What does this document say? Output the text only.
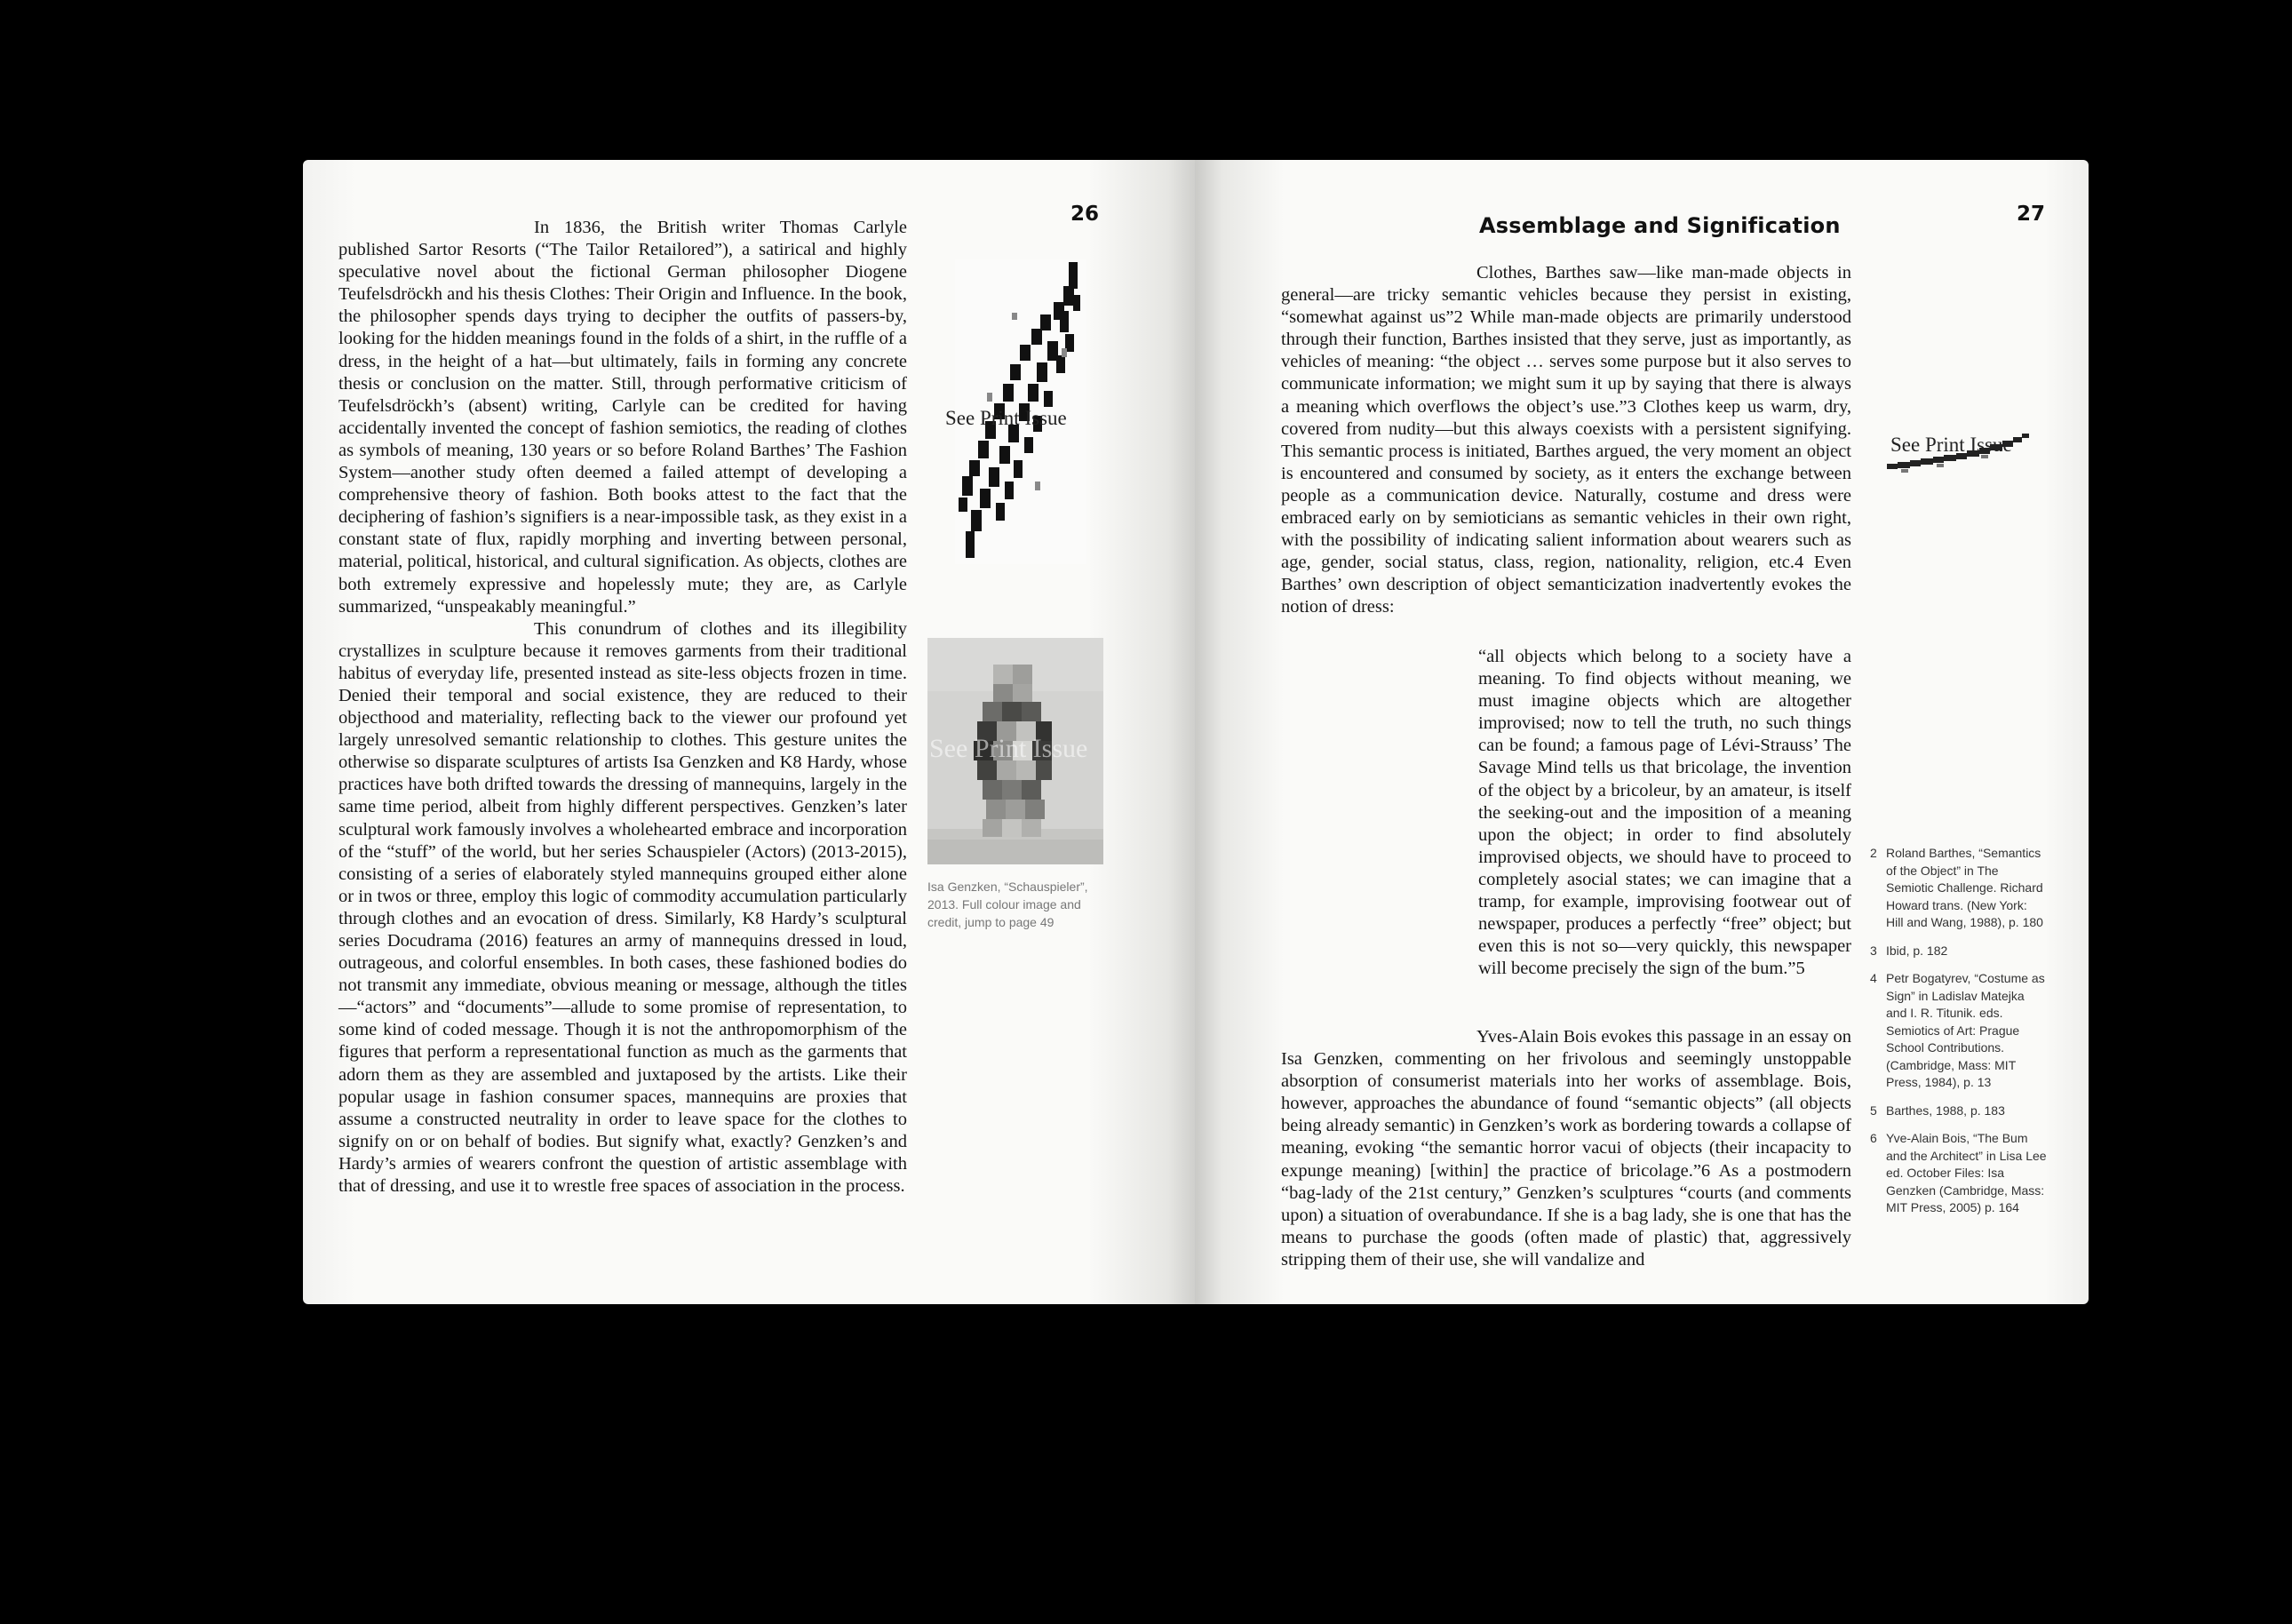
26

In 1836, the British writer Thomas Carlyle published Sartor Resorts (“The Tailor Retailored”), a satirical and highly speculative novel about the fictional German philosopher Diogene Teufelsdröckh and his thesis Clothes: Their Origin and Influence. In the book, the philosopher spends days trying to decipher the outfits of passers-by, looking for the hidden meanings found in the folds of a shirt, in the ruffle of a dress, in the height of a hat—but ultimately, fails in forming any concrete thesis or conclusion on the matter. Still, through performative criticism of Teufelsdröckh’s (absent) writing, Carlyle can be credited for having accidentally invented the concept of fashion semiotics, the reading of clothes as symbols of meaning, 130 years or so before Roland Barthes’ The Fashion System—another study often deemed a failed attempt of developing a comprehensive theory of fashion. Both books attest to the fact that the deciphering of fashion’s signifiers is a near-impossible task, as they exist in a constant state of flux, rapidly morphing and inverting between personal, material, political, historical, and cultural signification. As objects, clothes are both extremely expressive and hopelessly mute; they are, as Carlyle summarized, “unspeakably meaningful.”

This conundrum of clothes and its illegibility crystallizes in sculpture because it removes garments from their traditional habitus of everyday life, presented instead as site-less objects frozen in time. Denied their temporal and social existence, they are reduced to their objecthood and materiality, reflecting back to the viewer our profound yet largely unresolved semantic relationship to clothes. This gesture unites the otherwise so disparate sculptures of artists Isa Genzken and K8 Hardy, whose practices have both drifted towards the dressing of mannequins, largely in the same time period, albeit from highly different perspectives. Genzken’s later sculptural work famously involves a wholehearted embrace and incorporation of the “stuff” of the world, but her series Schauspieler (Actors) (2013-2015), consisting of a series of elaborately styled mannequins grouped either alone or in twos or three, employ this logic of commodity accumulation particularly through clothes and an evocation of dress. Similarly, K8 Hardy’s sculptural series Docudrama (2016) features an army of mannequins dressed in loud, outrageous, and colorful ensembles. In both cases, these fashioned bodies do not transmit any immediate, obvious meaning or message, although the titles—“actors” and “documents”—allude to some promise of representation, to some kind of coded message. Though it is not the anthropomorphism of the figures that perform a representational function as much as the garments that adorn them as they are assembled and juxtaposed by the artists. Like their popular usage in fashion consumer spaces, mannequins are proxies that assume a constructed neutrality in order to leave space for the clothes to signify on or on behalf of bodies. But signify what, exactly? Genzken’s and Hardy’s armies of wearers confront the question of artistic assemblage with that of dressing, and use it to wrestle free spaces of association in the process.

See Print Issue
See Print Issue
Isa Genzken, “Schauspieler”, 2013. Full colour image and credit, jump to page 49
Assemblage and Signification	27
See Print Issue

Clothes, Barthes saw—like man-made objects in general—are tricky semantic vehicles because they persist in existing, “somewhat against us”2 While man-made objects are primarily understood through their function, Barthes insisted that they serve, just as importantly, as vehicles of meaning: “the object … serves some purpose but it also serves to communicate information; we might sum it up by saying that there is always a meaning which overflows the object’s use.”3 Clothes keep us warm, dry, covered from nudity—but this always coexists with a persistent signifying. This semantic process is initiated, Barthes argued, the very moment an object is encountered and consumed by society, as it enters the exchange between people as a communication device. Naturally, costume and dress were embraced early on by semioticians as semantic vehicles in their own right, with the possibility of indicating salient information about wearers such as age, gender, social status, class, region, nationality, religion, etc.4 Even Barthes’ own description of object semanticization inadvertently evokes the notion of dress:

“all objects which belong to a society have a meaning. To find objects without meaning, we must imagine objects which are altogether improvised; now to tell the truth, no such things can be found; a famous page of Lévi-Strauss’ The Savage Mind tells us that bricolage, the invention of the object by a bricoleur, by an amateur, is itself the seeking-out and the imposition of a meaning upon the object; in order to find absolutely improvised objects, we should have to proceed to completely asocial states; we can imagine that a tramp, for example, improvising footwear out of newspaper, produces a perfectly “free” object; but even this is not so—very quickly, this newspaper will become precisely the sign of the bum.”5

Yves-Alain Bois evokes this passage in an essay on Isa Genzken, commenting on her frivolous and seemingly unstoppable absorption of consumerist materials into her works of assemblage. Bois, however, approaches the abundance of found “semantic objects” (all objects being already semantic) in Genzken’s work as bordering towards a collapse of meaning, evoking “the semantic horror vacui of objects (their incapacity to expunge meaning) [within] the practice of bricolage.”6 As a postmodern “bag-lady of the 21st century,” Genzken’s sculptures “courts (and comments upon) a situation of overabundance. If she is a bag lady, she is one that has the means to purchase the goods (often made of plastic) that, aggressively stripping them of their use, she will vandalize and

2 Roland Barthes, “Semantics of the Object” in The Semiotic Challenge. Richard Howard trans. (New York: Hill and Wang, 1988), p. 180
3 Ibid, p. 182
4 Petr Bogatyrev, “Costume as Sign” in Ladislav Matejka and I. R. Titunik. eds. Semiotics of Art: Prague School Contributions. (Cambridge, Mass: MIT Press, 1984), p. 13
5 Barthes, 1988, p. 183
6 Yve-Alain Bois, “The Bum and the Architect” in Lisa Lee ed. October Files: Isa Genzken (Cambridge, Mass: MIT Press, 2005) p. 164
